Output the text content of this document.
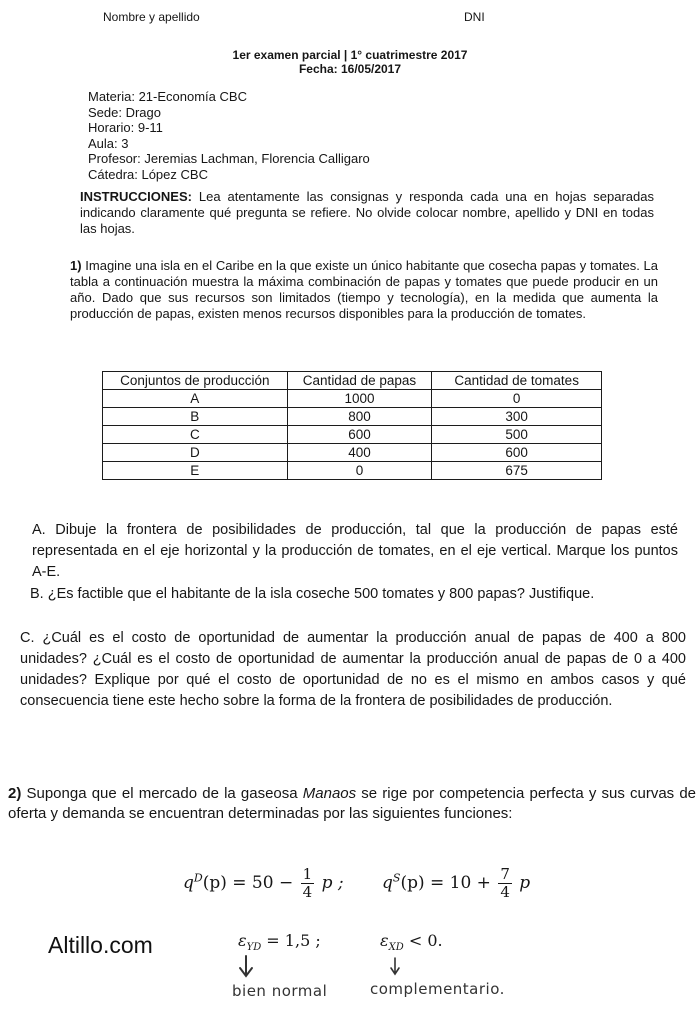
Nombre y apellido	DNI
1er examen parcial | 1° cuatrimestre 2017
Fecha: 16/05/2017
Materia: 21-Economía CBC
Sede: Drago
Horario: 9-11
Aula: 3
Profesor: Jeremias Lachman, Florencia Calligaro
Cátedra: López CBC
INSTRUCCIONES: Lea atentamente las consignas y responda cada una en hojas separadas indicando claramente qué pregunta se refiere. No olvide colocar nombre, apellido y DNI en todas las hojas.
1) Imagine una isla en el Caribe en la que existe un único habitante que cosecha papas y tomates. La tabla a continuación muestra la máxima combinación de papas y tomates que puede producir en un año. Dado que sus recursos son limitados (tiempo y tecnología), en la medida que aumenta la producción de papas, existen menos recursos disponibles para la producción de tomates.
Conjuntos de producción	Cantidad de papas	Cantidad de tomates
A	1000	0
B	800	300
C	600	500
D	400	600
E	0	675
A. Dibuje la frontera de posibilidades de producción, tal que la producción de papas esté representada en el eje horizontal y la producción de tomates, en el eje vertical. Marque los puntos A-E.
B. ¿Es factible que el habitante de la isla coseche 500 tomates y 800 papas? Justifique.
C. ¿Cuál es el costo de oportunidad de aumentar la producción anual de papas de 400 a 800 unidades? ¿Cuál es el costo de oportunidad de aumentar la producción anual de papas de 0 a 400 unidades? Explique por qué el costo de oportunidad de no es el mismo en ambos casos y qué consecuencia tiene este hecho sobre la forma de la frontera de posibilidades de producción.
2) Suponga que el mercado de la gaseosa Manaos se rige por competencia perfecta y sus curvas de oferta y demanda se encuentran determinadas por las siguientes funciones:
$q^D(p) = 50 - \frac{1}{4}$ p ; $q^S(p) = 10 + \frac{7}{4}$ p
$\varepsilon_{YD} = 1,5$ ;	$\varepsilon_{XD} < 0$.
bien normal	complementario.
Altillo.com
